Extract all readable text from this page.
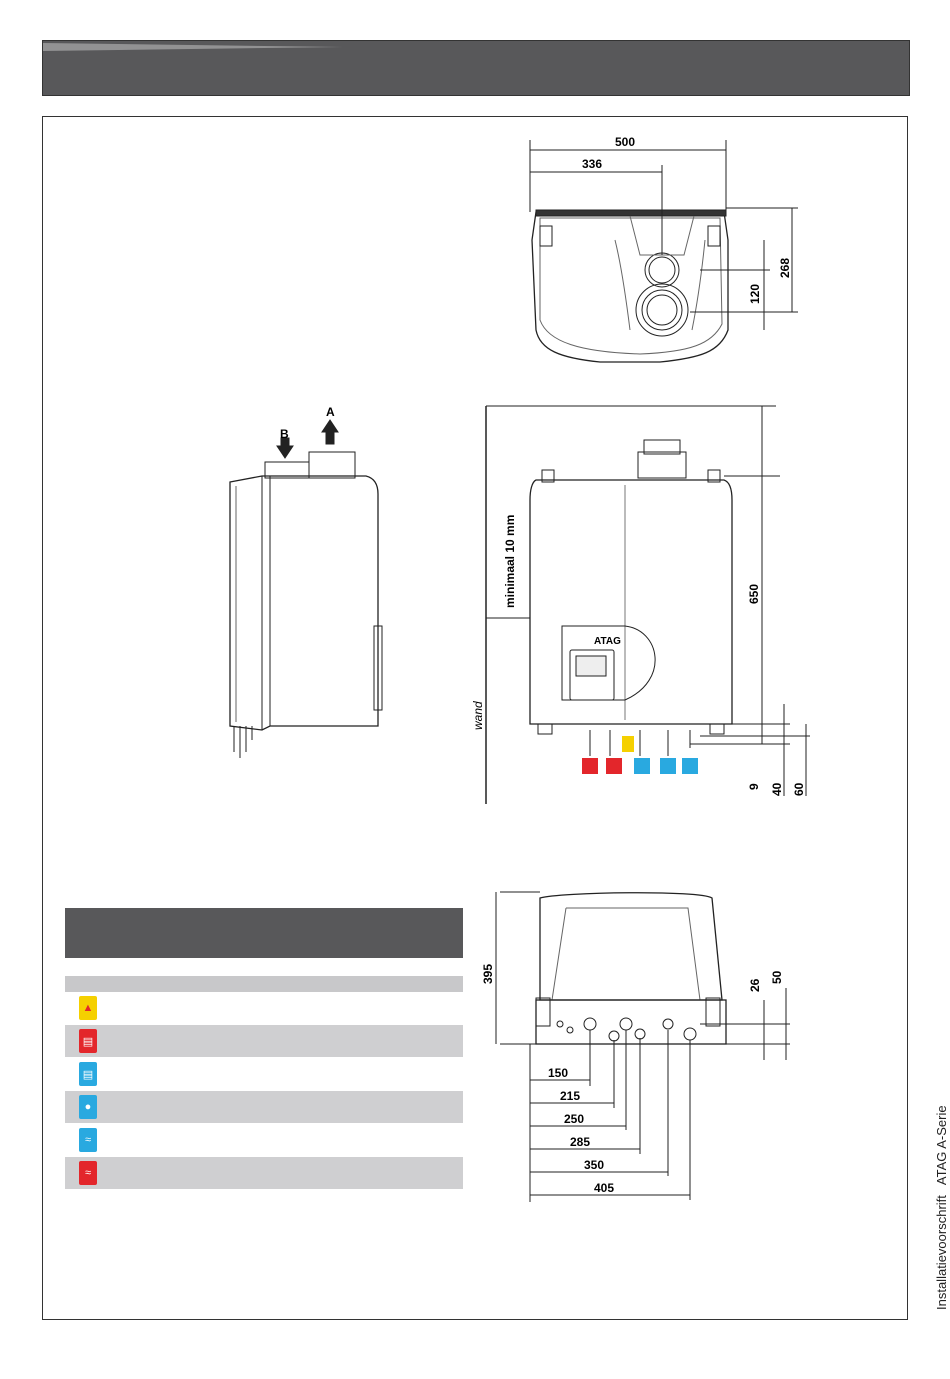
500
336
268
120
A
B
minimaal 10 mm
wand
ATAG
650
9 40 60
395
26
50
150
215
250
285
350
405
▲
▤
▤
●
≈
≈
InstallatievoorschriftATAG A-Serie
